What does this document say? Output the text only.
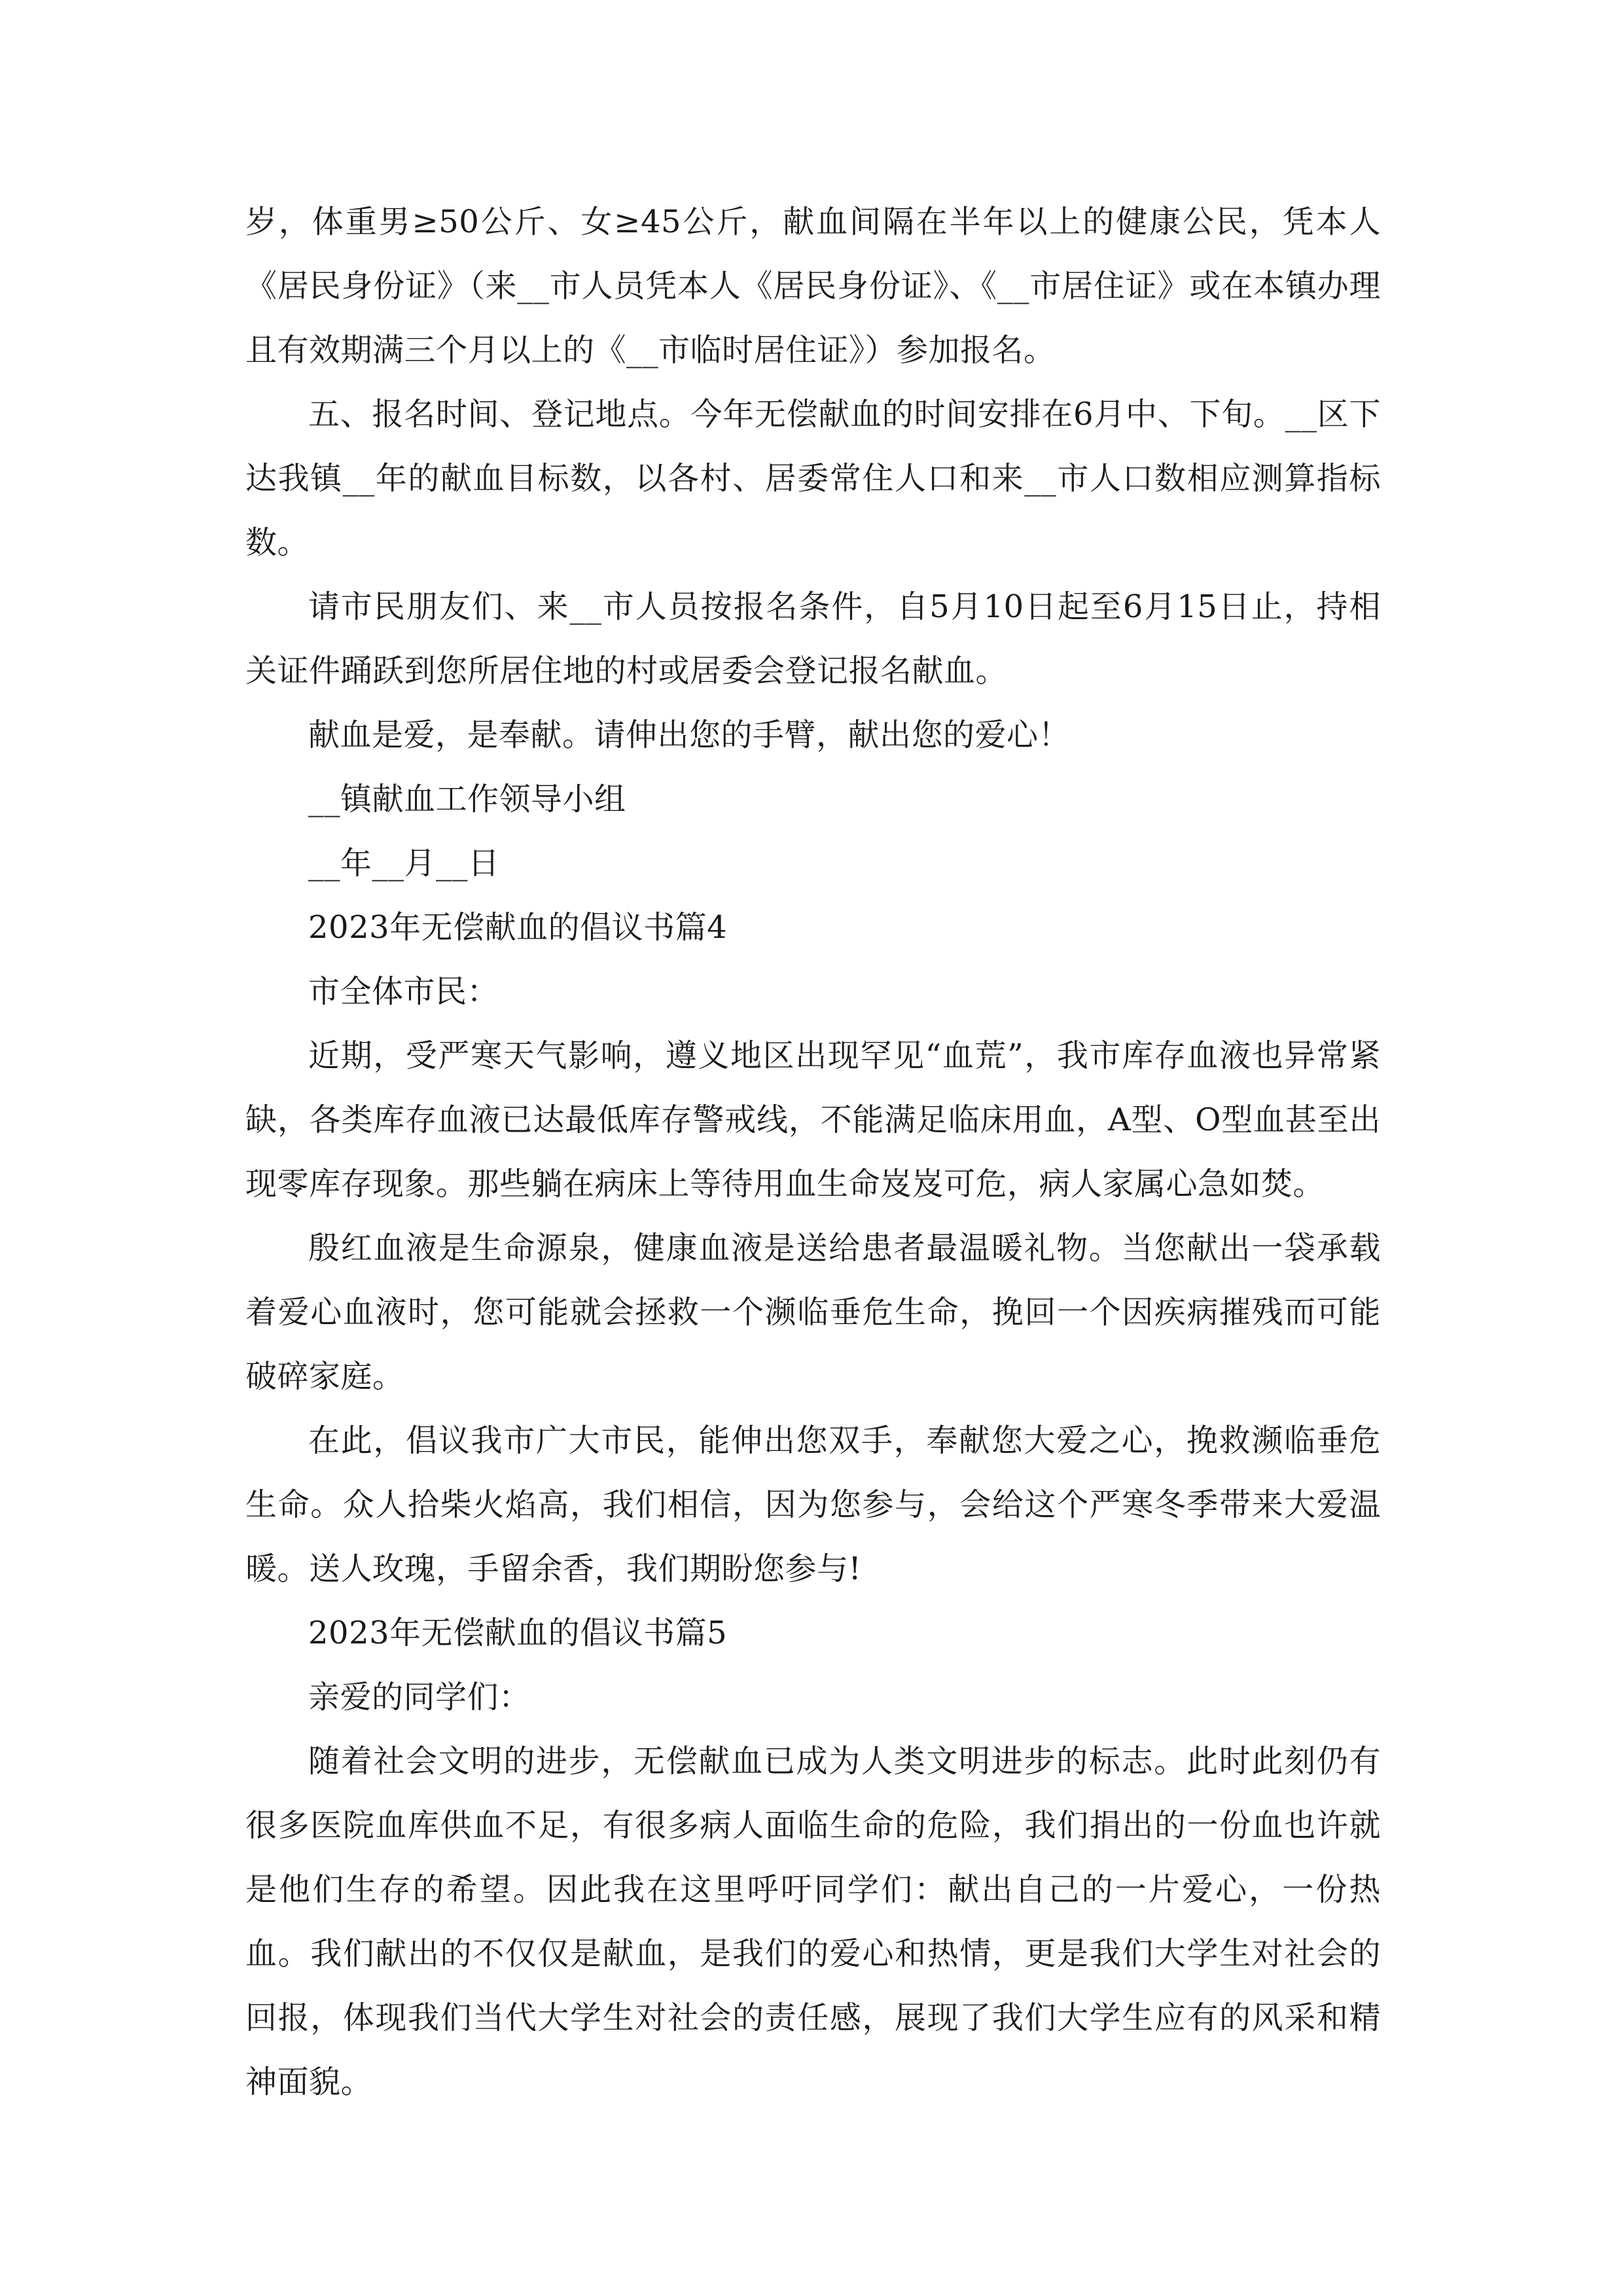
岁，体重男≥50公斤、女≥45公斤，献血间隔在半年以上的健康公民，凭本人《居民身份证》（来__市人员凭本人《居民身份证》、《__市居住证》或在本镇办理且有效期满三个月以上的《__市临时居住证》）参加报名。

五、报名时间、登记地点。今年无偿献血的时间安排在6月中、下旬。__区下达我镇__年的献血目标数，以各村、居委常住人口和来__市人口数相应测算指标数。

请市民朋友们、来__市人员按报名条件，自5月10日起至6月15日止，持相关证件踊跃到您所居住地的村或居委会登记报名献血。

献血是爱，是奉献。请伸出您的手臂，献出您的爱心！

__镇献血工作领导小组

__年__月__日

2023年无偿献血的倡议书篇4

市全体市民：

近期，受严寒天气影响，遵义地区出现罕见“血荒”，我市库存血液也异常紧缺，各类库存血液已达最低库存警戒线，不能满足临床用血，A型、O型血甚至出现零库存现象。那些躺在病床上等待用血生命岌岌可危，病人家属心急如焚。

殷红血液是生命源泉，健康血液是送给患者最温暖礼物。当您献出一袋承载着爱心血液时，您可能就会拯救一个濒临垂危生命，挽回一个因疾病摧残而可能破碎家庭。

在此，倡议我市广大市民，能伸出您双手，奉献您大爱之心，挽救濒临垂危生命。众人拾柴火焰高，我们相信，因为您参与，会给这个严寒冬季带来大爱温暖。送人玫瑰，手留余香，我们期盼您参与!

2023年无偿献血的倡议书篇5

亲爱的同学们：

随着社会文明的进步，无偿献血已成为人类文明进步的标志。此时此刻仍有很多医院血库供血不足，有很多病人面临生命的危险，我们捐出的一份血也许就是他们生存的希望。因此我在这里呼吁同学们：献出自己的一片爱心，一份热血。我们献出的不仅仅是献血，是我们的爱心和热情，更是我们大学生对社会的回报，体现我们当代大学生对社会的责任感，展现了我们大学生应有的风采和精神面貌。
